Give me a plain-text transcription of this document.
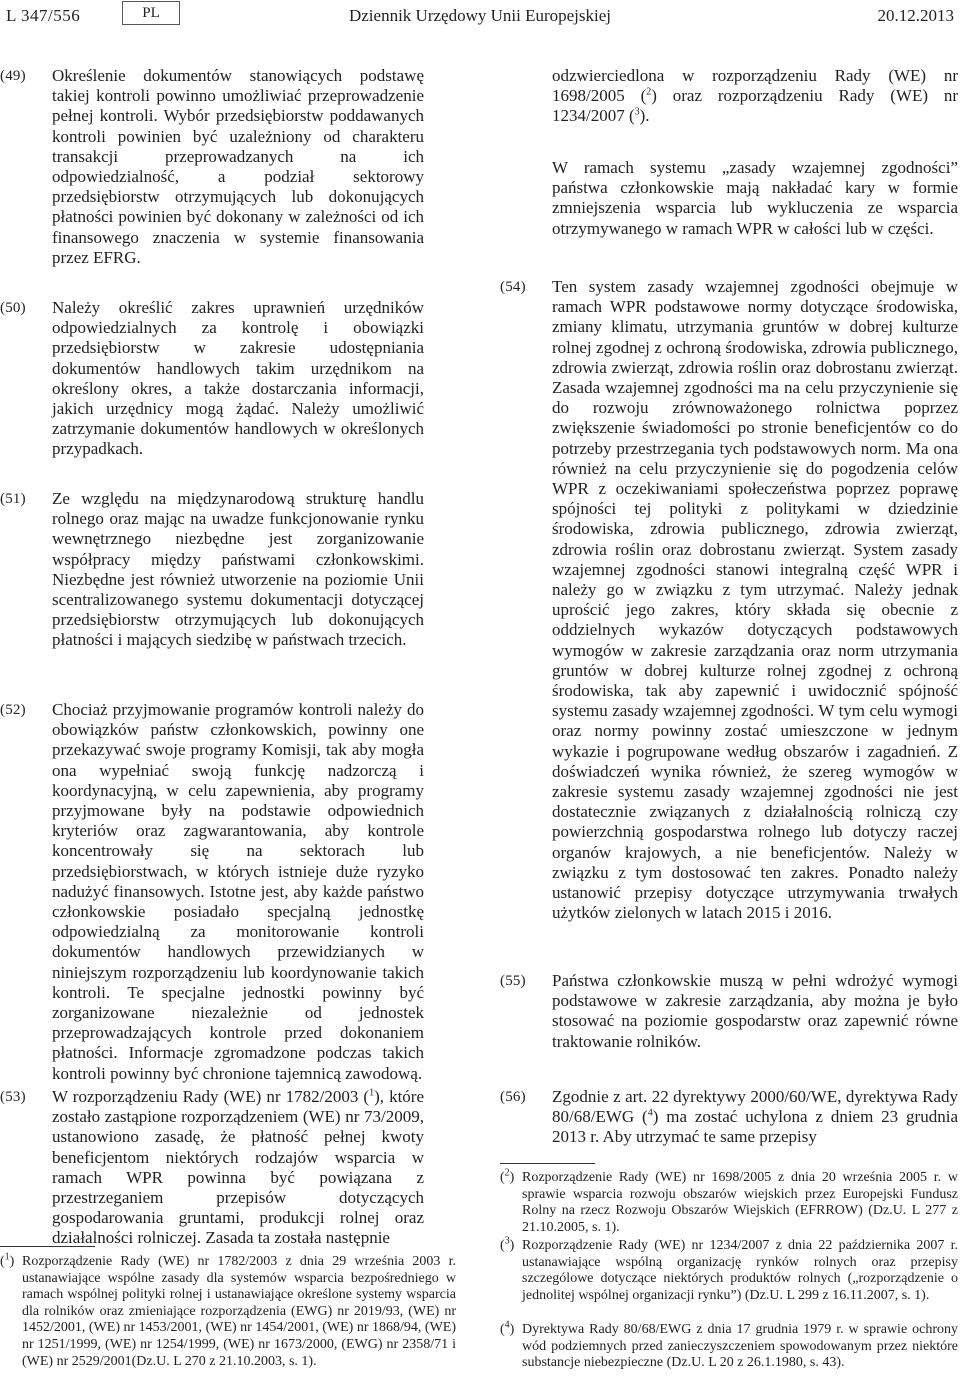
L 347/556	PL	Dziennik Urzędowy Unii Europejskiej	20.12.2013
(49) Określenie dokumentów stanowiących podstawę takiej kontroli powinno umożliwiać przeprowadzenie pełnej kontroli. Wybór przedsiębiorstw poddawanych kontroli powinien być uzależniony od charakteru transakcji przeprowadzanych na ich odpowiedzialność, a podział sektorowy przedsiębiorstw otrzymujących lub dokonujących płatności powinien być dokonany w zależności od ich finansowego znaczenia w systemie finansowania przez EFRG.
(50) Należy określić zakres uprawnień urzędników odpowiedzialnych za kontrolę i obowiązki przedsiębiorstw w zakresie udostępniania dokumentów handlowych takim urzędnikom na określony okres, a także dostarczania informacji, jakich urzędnicy mogą żądać. Należy umożliwić zatrzymanie dokumentów handlowych w określonych przypadkach.
(51) Ze względu na międzynarodową strukturę handlu rolnego oraz mając na uwadze funkcjonowanie rynku wewnętrznego niezbędne jest zorganizowanie współpracy między państwami członkowskimi. Niezbędne jest również utworzenie na poziomie Unii scentralizowanego systemu dokumentacji dotyczącej przedsiębiorstw otrzymujących lub dokonujących płatności i mających siedzibę w państwach trzecich.
(52) Chociaż przyjmowanie programów kontroli należy do obowiązków państw członkowskich, powinny one przekazywać swoje programy Komisji, tak aby mogła ona wypełniać swoją funkcję nadzorczą i koordynacyjną, w celu zapewnienia, aby programy przyjmowane były na podstawie odpowiednich kryteriów oraz zagwarantowania, aby kontrole koncentrowały się na sektorach lub przedsiębiorstwach, w których istnieje duże ryzyko nadużyć finansowych. Istotne jest, aby każde państwo członkowskie posiadało specjalną jednostkę odpowiedzialną za monitorowanie kontroli dokumentów handlowych przewidzianych w niniejszym rozporządzeniu lub koordynowanie takich kontroli. Te specjalne jednostki powinny być zorganizowane niezależnie od jednostek przeprowadzających kontrole przed dokonaniem płatności. Informacje zgromadzone podczas takich kontroli powinny być chronione tajemnicą zawodową.
(53) W rozporządzeniu Rady (WE) nr 1782/2003 ($^1$), które zostało zastąpione rozporządzeniem (WE) nr 73/2009, ustanowiono zasadę, że płatność pełnej kwoty beneficjentom niektórych rodzajów wsparcia w ramach WPR powinna być powiązana z przestrzeganiem przepisów dotyczących gospodarowania gruntami, produkcji rolnej oraz działalności rolniczej. Zasada ta została następnie
($^1$) Rozporządzenie Rady (WE) nr 1782/2003 z dnia 29 września 2003 r. ustanawiające wspólne zasady dla systemów wsparcia bezpośredniego w ramach wspólnej polityki rolnej i ustanawiające określone systemy wsparcia dla rolników oraz zmieniające rozporządzenia (EWG) nr 2019/93, (WE) nr 1452/2001, (WE) nr 1453/2001, (WE) nr 1454/2001, (WE) nr 1868/94, (WE) nr 1251/1999, (WE) nr 1254/1999, (WE) nr 1673/2000, (EWG) nr 2358/71 i (WE) nr 2529/2001(Dz.U. L 270 z 21.10.2003, s. 1).
odzwierciedlona w rozporządzeniu Rady (WE) nr 1698/2005 ($^2$) oraz rozporządzeniu Rady (WE) nr 1234/2007 ($^3$).
W ramach systemu „zasady wzajemnej zgodności” państwa członkowskie mają nakładać kary w formie zmniejszenia wsparcia lub wykluczenia ze wsparcia otrzymywanego w ramach WPR w całości lub w części.
(54) Ten system zasady wzajemnej zgodności obejmuje w ramach WPR podstawowe normy dotyczące środowiska, zmiany klimatu, utrzymania gruntów w dobrej kulturze rolnej zgodnej z ochroną środowiska, zdrowia publicznego, zdrowia zwierząt, zdrowia roślin oraz dobrostanu zwierząt. Zasada wzajemnej zgodności ma na celu przyczynienie się do rozwoju zrównoważonego rolnictwa poprzez zwiększenie świadomości po stronie beneficjentów co do potrzeby przestrzegania tych podstawowych norm. Ma ona również na celu przyczynienie się do pogodzenia celów WPR z oczekiwaniami społeczeństwa poprzez poprawę spójności tej polityki z politykami w dziedzinie środowiska, zdrowia publicznego, zdrowia zwierząt, zdrowia roślin oraz dobrostanu zwierząt. System zasady wzajemnej zgodności stanowi integralną część WPR i należy go w związku z tym utrzymać. Należy jednak uprościć jego zakres, który składa się obecnie z oddzielnych wykazów dotyczących podstawowych wymogów w zakresie zarządzania oraz norm utrzymania gruntów w dobrej kulturze rolnej zgodnej z ochroną środowiska, tak aby zapewnić i uwidocznić spójność systemu zasady wzajemnej zgodności. W tym celu wymogi oraz normy powinny zostać umieszczone w jednym wykazie i pogrupowane według obszarów i zagadnień. Z doświadczeń wynika również, że szereg wymogów w zakresie systemu zasady wzajemnej zgodności nie jest dostatecznie związanych z działalnością rolniczą czy powierzchnią gospodarstwa rolnego lub dotyczy raczej organów krajowych, a nie beneficjentów. Należy w związku z tym dostosować ten zakres. Ponadto należy ustanowić przepisy dotyczące utrzymywania trwałych użytków zielonych w latach 2015 i 2016.
(55) Państwa członkowskie muszą w pełni wdrożyć wymogi podstawowe w zakresie zarządzania, aby można je było stosować na poziomie gospodarstw oraz zapewnić równe traktowanie rolników.
(56) Zgodnie z art. 22 dyrektywy 2000/60/WE, dyrektywa Rady 80/68/EWG ($^4$) ma zostać uchylona z dniem 23 grudnia 2013 r. Aby utrzymać te same przepisy
($^2$) Rozporządzenie Rady (WE) nr 1698/2005 z dnia 20 września 2005 r. w sprawie wsparcia rozwoju obszarów wiejskich przez Europejski Fundusz Rolny na rzecz Rozwoju Obszarów Wiejskich (EFRROW) (Dz.U. L 277 z 21.10.2005, s. 1).
($^3$) Rozporządzenie Rady (WE) nr 1234/2007 z dnia 22 października 2007 r. ustanawiające wspólną organizację rynków rolnych oraz przepisy szczególowe dotyczące niektórych produktów rolnych („rozporządzenie o jednolitej wspólnej organizacji rynku”) (Dz.U. L 299 z 16.11.2007, s. 1).
($^4$) Dyrektywa Rady 80/68/EWG z dnia 17 grudnia 1979 r. w sprawie ochrony wód podziemnych przed zanieczyszczeniem spowodowanym przez niektóre substancje niebezpieczne (Dz.U. L 20 z 26.1.1980, s. 43).
